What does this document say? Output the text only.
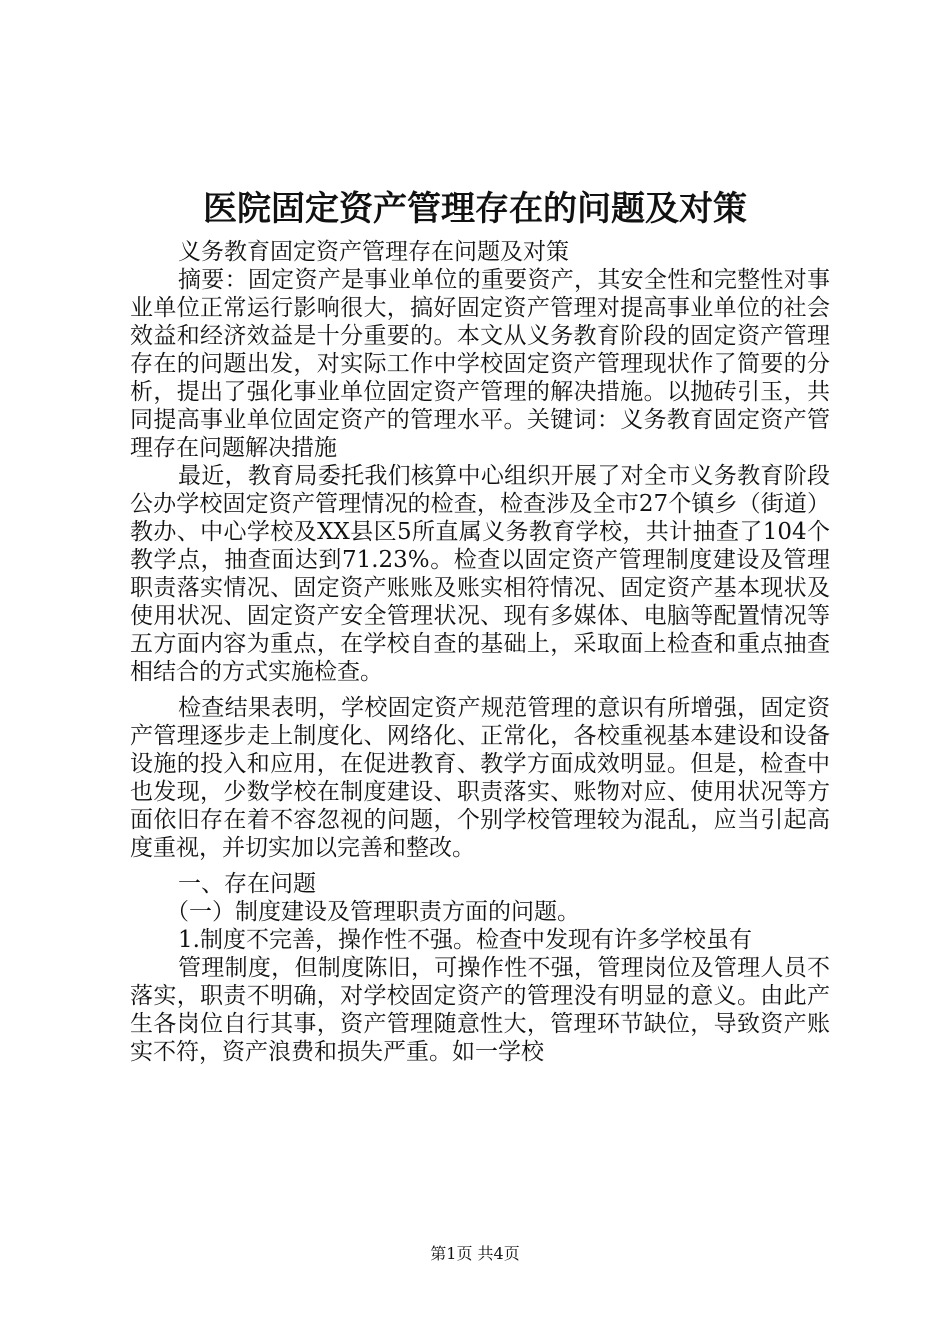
医院固定资产管理存在的问题及对策

义务教育固定资产管理存在问题及对策

摘要：固定资产是事业单位的重要资产，其安全性和完整性对事业单位正常运行影响很大，搞好固定资产管理对提高事业单位的社会效益和经济效益是十分重要的。本文从义务教育阶段的固定资产管理存在的问题出发，对实际工作中学校固定资产管理现状作了简要的分析，提出了强化事业单位固定资产管理的解决措施。以抛砖引玉，共同提高事业单位固定资产的管理水平。关键词：义务教育固定资产管理存在问题解决措施

最近，教育局委托我们核算中心组织开展了对全市义务教育阶段公办学校固定资产管理情况的检查，检查涉及全市27个镇乡（街道）教办、中心学校及XX县区5所直属义务教育学校，共计抽查了104个教学点，抽查面达到71.23%。检查以固定资产管理制度建设及管理职责落实情况、固定资产账账及账实相符情况、固定资产基本现状及使用状况、固定资产安全管理状况、现有多媒体、电脑等配置情况等五方面内容为重点，在学校自查的基础上，采取面上检查和重点抽查相结合的方式实施检查。

检查结果表明，学校固定资产规范管理的意识有所增强，固定资产管理逐步走上制度化、网络化、正常化，各校重视基本建设和设备设施的投入和应用，在促进教育、教学方面成效明显。但是，检查中也发现，少数学校在制度建设、职责落实、账物对应、使用状况等方面依旧存在着不容忽视的问题，个别学校管理较为混乱，应当引起高度重视，并切实加以完善和整改。

一、存在问题

（一）制度建设及管理职责方面的问题。

1.制度不完善，操作性不强。检查中发现有许多学校虽有

管理制度，但制度陈旧，可操作性不强，管理岗位及管理人员不落实，职责不明确，对学校固定资产的管理没有明显的意义。由此产生各岗位自行其事，资产管理随意性大，管理环节缺位，导致资产账实不符，资产浪费和损失严重。如一学校

第1页 共4页
